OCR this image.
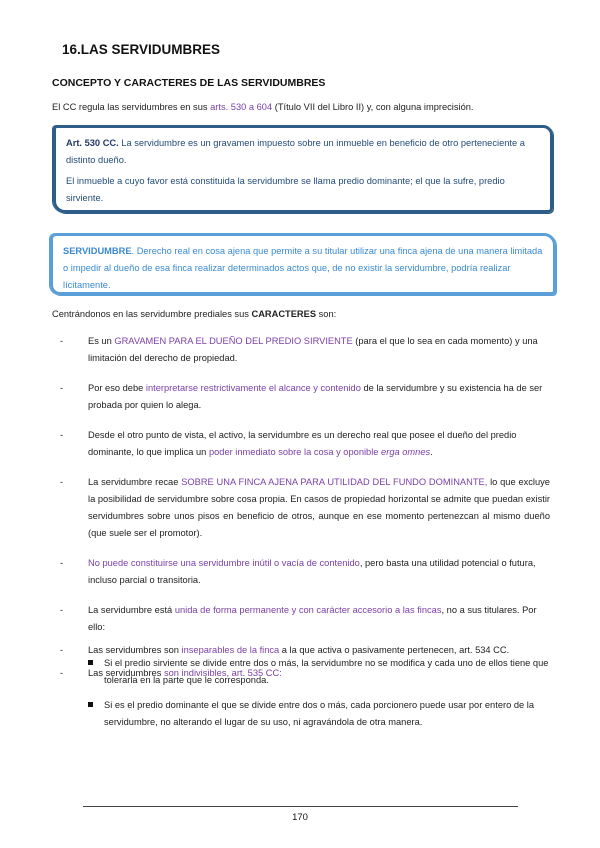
16.LAS SERVIDUMBRES
CONCEPTO Y CARACTERES DE LAS SERVIDUMBRES
El CC regula las servidumbres en sus arts. 530 a 604 (Título VII del Libro II) y, con alguna imprecisión.

Art. 530 CC. La servidumbre es un gravamen impuesto sobre un inmueble en beneficio de otro perteneciente a distinto dueño.

El inmueble a cuyo favor está constituida la servidumbre se llama predio dominante; el que la sufre, predio sirviente.

SERVIDUMBRE. Derecho real en cosa ajena que permite a su titular utilizar una finca ajena de una manera limitada o impedir al dueño de esa finca realizar determinados actos que, de no existir la servidumbre, podría realizar lícitamente.

Centrándonos en las servidumbre prediales sus CARACTERES son:
-	Es un GRAVAMEN PARA EL DUEÑO DEL PREDIO SIRVIENTE (para el que lo sea en cada momento) y una limitación del derecho de propiedad.

-	Por eso debe interpretarse restrictivamente el alcance y contenido de la servidumbre y su existencia ha de ser probada por quien lo alega.

-	Desde el otro punto de vista, el activo, la servidumbre es un derecho real que posee el dueño del predio dominante, lo que implica un poder inmediato sobre la cosa y oponible erga omnes.

-	La servidumbre recae SOBRE UNA FINCA AJENA PARA UTILIDAD DEL FUNDO DOMINANTE, lo que excluye la posibilidad de servidumbre sobre cosa propia. En casos de propiedad horizontal se admite que puedan existir servidumbres sobre unos pisos en beneficio de otros, aunque en ese momento pertenezcan al mismo dueño (que suele ser el promotor).

-	No puede constituirse una servidumbre inútil o vacía de contenido, pero basta una utilidad potencial o futura, incluso parcial o transitoria.

-	La servidumbre está unida de forma permanente y con carácter accesorio a las fincas, no a sus titulares. Por ello:

-	Las servidumbres son inseparables de la finca a la que activa o pasivamente pertenecen, art. 534 CC.

-	Las servidumbres son indivisibles, art. 535 CC:

Si el predio sirviente se divide entre dos o más, la servidumbre no se modifica y cada uno de ellos tiene que tolerarla en la parte que le corresponda.
Si es el predio dominante el que se divide entre dos o más, cada porcionero puede usar por entero de la servidumbre, no alterando el lugar de su uso, ni agravándola de otra manera.
170
